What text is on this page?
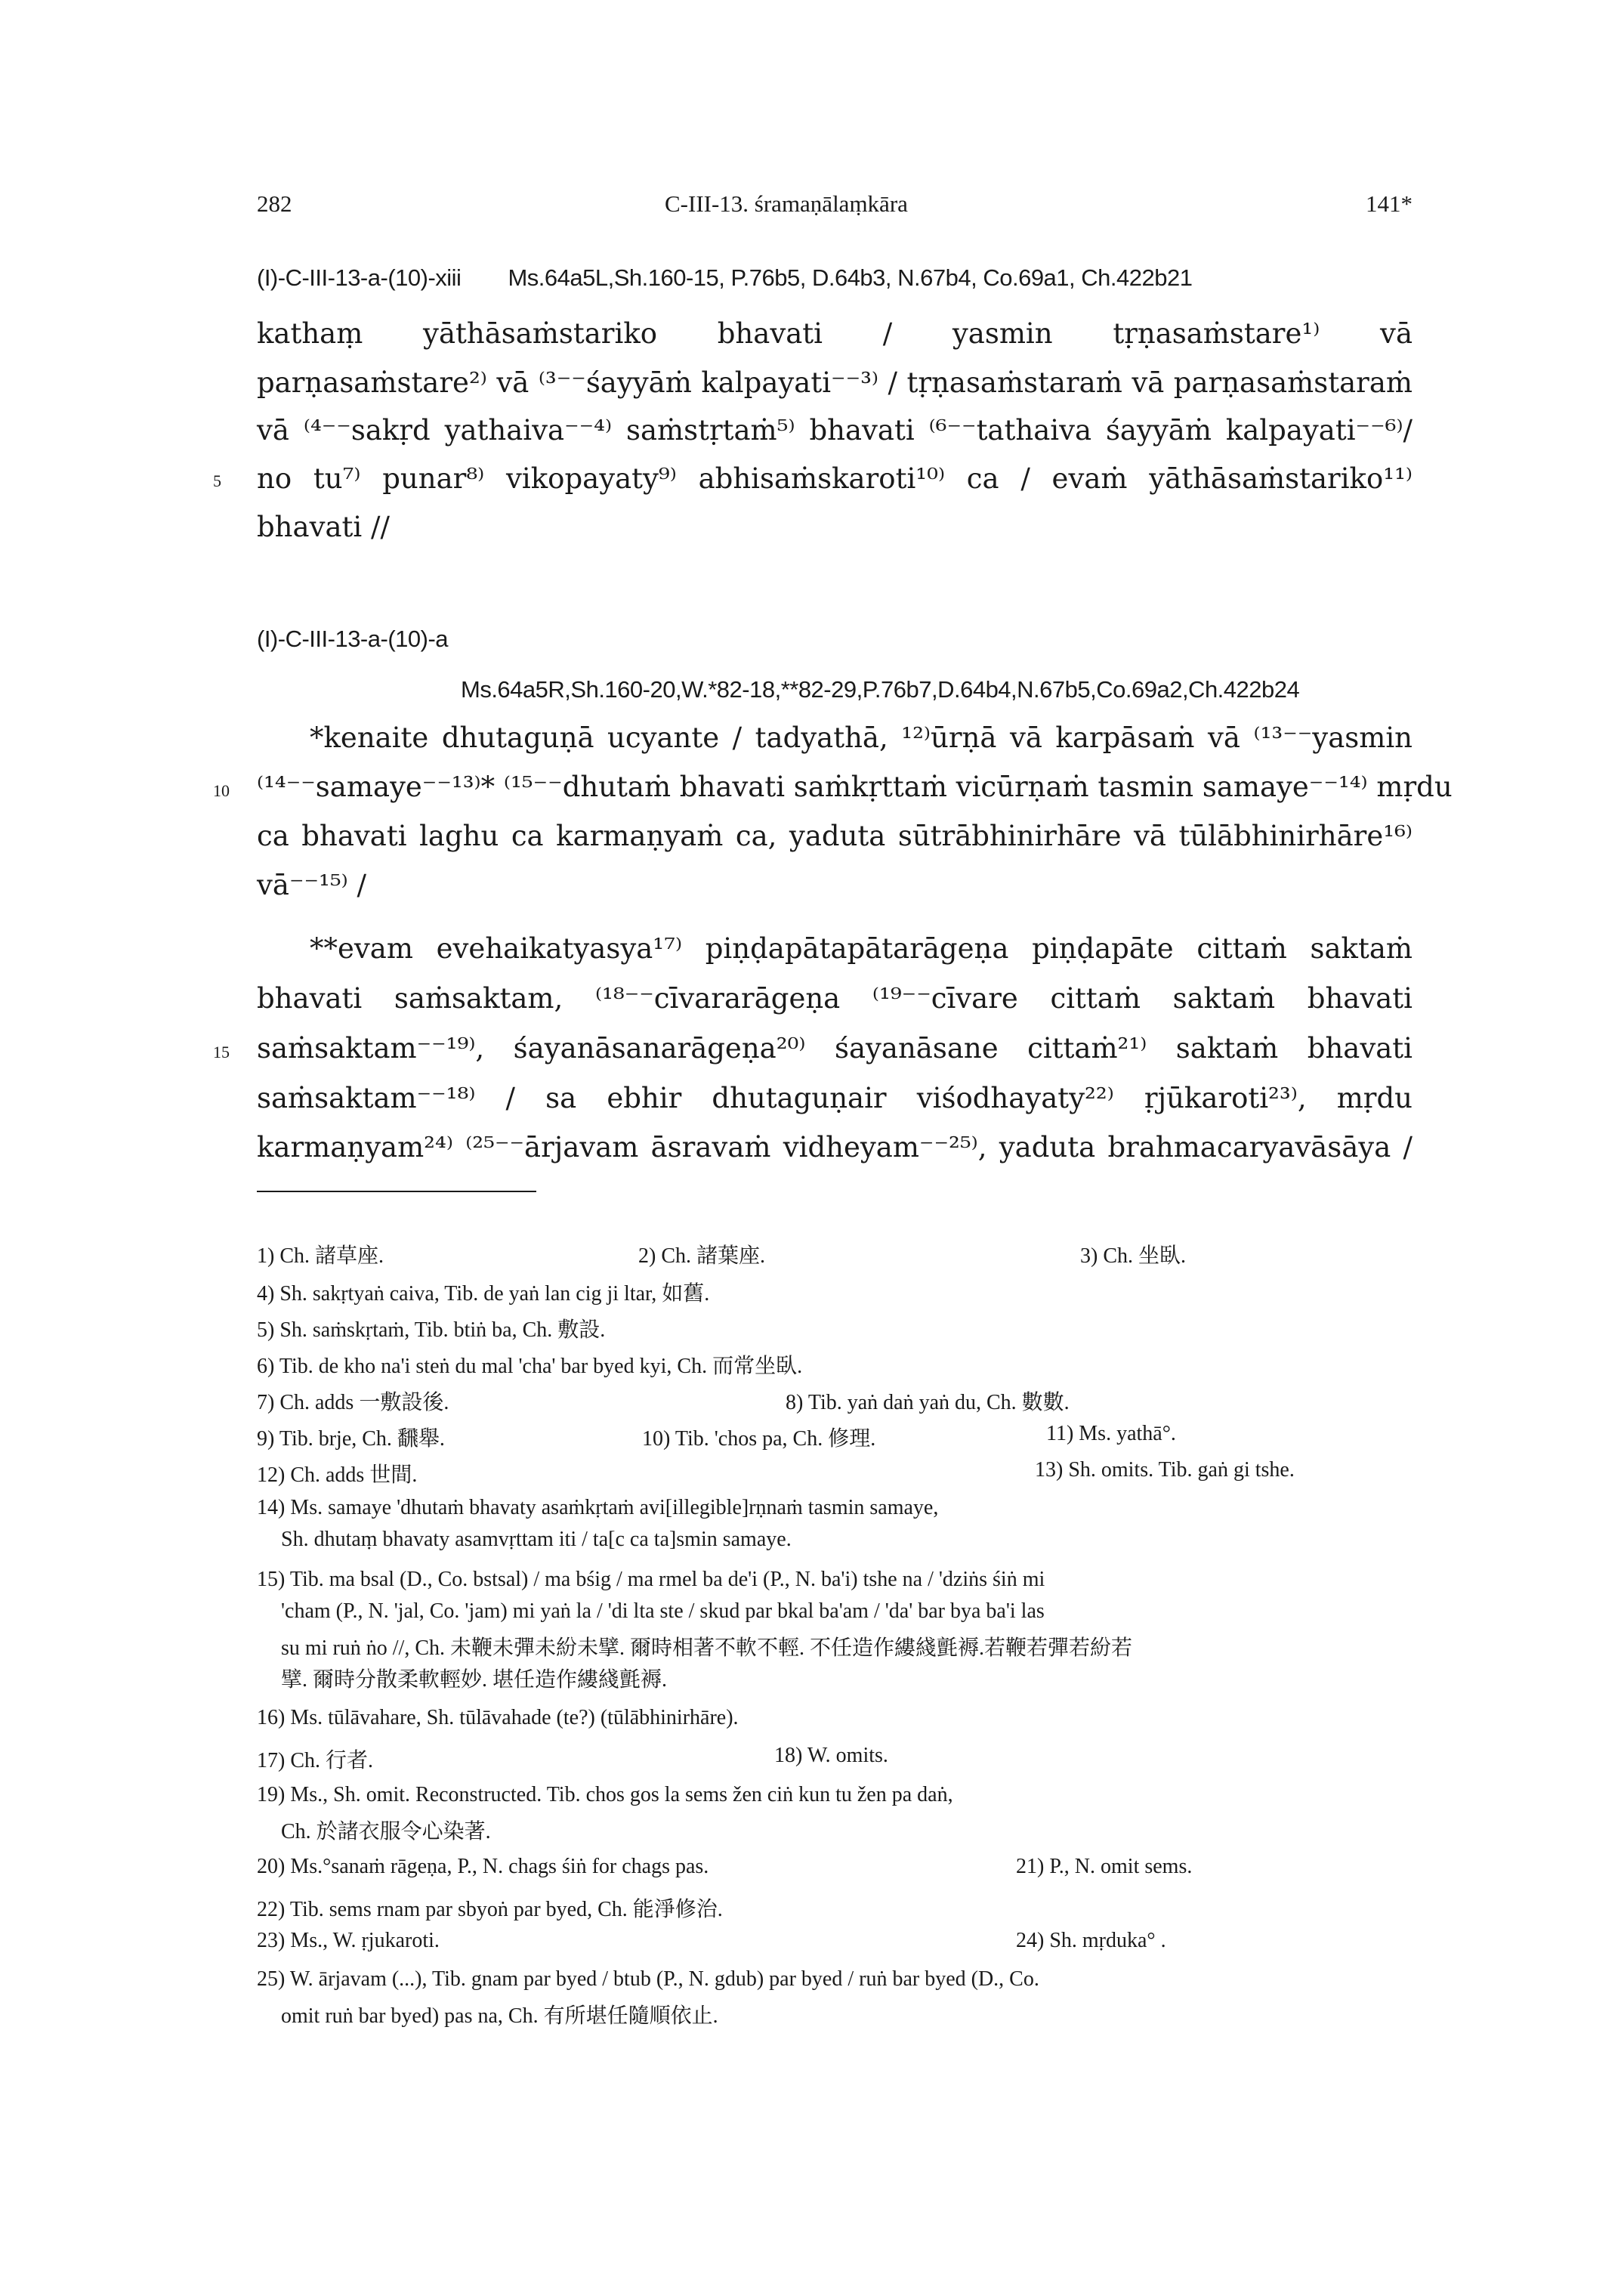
282	C-III-13. śramaṇālaṃkāra	141*
(I)-C-III-13-a-(10)-xiii Ms.64a5L,Sh.160-15, P.76b5, D.64b3, N.67b4, Co.69a1, Ch.422b21
kathaṃ yāthāsaṁstariko bhavati / yasmin tṛṇasaṁstare¹⁾ vā
parṇasaṁstare²⁾ vā ⁽³⁻⁻śayyāṁ kalpayati⁻⁻³⁾ / tṛṇasaṁstaraṁ vā parṇasaṁstaraṁ
vā ⁽⁴⁻⁻sakṛd yathaiva⁻⁻⁴⁾ saṁstṛtaṁ⁵⁾ bhavati ⁽⁶⁻⁻tathaiva śayyāṁ kalpayati⁻⁻⁶⁾/
5 no tu⁷⁾ punar⁸⁾ vikopayaty⁹⁾ abhisaṁskaroti¹⁰⁾ ca / evaṁ yāthāsaṁstariko¹¹⁾
bhavati //
(I)-C-III-13-a-(10)-a
Ms.64a5R,Sh.160-20,W.*82-18,**82-29,P.76b7,D.64b4,N.67b5,Co.69a2,Ch.422b24
*kenaite dhutaguṇā ucyante / tadyathā, ¹²⁾ūrṇā vā karpāsaṁ vā ⁽¹³⁻⁻yasmin
10 ⁽¹⁴⁻⁻samaye⁻⁻¹³⁾* ⁽¹⁵⁻⁻dhutaṁ bhavati saṁkṛttaṁ vicūrṇaṁ tasmin samaye⁻⁻¹⁴⁾ mṛdu
ca bhavati laghu ca karmaṇyaṁ ca, yaduta sūtrābhinirhāre vā tūlābhinirhāre¹⁶⁾
vā⁻⁻¹⁵⁾ /
**evam evehaikatyasya¹⁷⁾ piṇḍapātapātarāgeṇa piṇḍapāte cittaṁ saktaṁ
bhavati saṁsaktam, ⁽¹⁸⁻⁻cīvararāgeṇa ⁽¹⁹⁻⁻cīvare cittaṁ saktaṁ bhavati
15 saṁsaktam⁻⁻¹⁹⁾, śayanāsanarāgeṇa²⁰⁾ śayanāsane cittaṁ²¹⁾ saktaṁ bhavati
saṁsaktam⁻⁻¹⁸⁾ / sa ebhir dhutaguṇair viśodhayaty²²⁾ ṛjūkaroti²³⁾, mṛdu
karmaṇyam²⁴⁾ ⁽²⁵⁻⁻ārjavam āsravaṁ vidheyam⁻⁻²⁵⁾, yaduta brahmacaryavāsāya /
1) Ch. 諸草座.	2) Ch. 諸葉座.	3) Ch. 坐臥.
4) Sh. sakṛtyaṅ caiva, Tib. de yaṅ lan cig ji ltar, 如舊.
5) Sh. saṁskṛtaṁ, Tib. btiṅ ba, Ch. 敷設.
6) Tib. de kho na'i steṅ du mal 'cha' bar byed kyi, Ch. 而常坐臥.
7) Ch. adds 一敷設後.	8) Tib. yaṅ daṅ yaṅ du, Ch. 數數.
9) Tib. brje, Ch. 飜舉.	10) Tib. 'chos pa, Ch. 修理.	11) Ms. yathā°.
12) Ch. adds 世間.	13) Sh. omits. Tib. gaṅ gi tshe.
14) Ms. samaye 'dhutaṁ bhavaty asaṁkṛtaṁ avi[illegible]rṇnaṁ tasmin samaye,
Sh. dhutaṃ bhavaty asamvṛttam iti / ta[c ca ta]smin samaye.
15) Tib. ma bsal (D., Co. bstsal) / ma bśig / ma rmel ba de'i (P., N. ba'i) tshe na / 'dziṅs śiṅ mi
'cham (P., N. 'jal, Co. 'jam) mi yaṅ la / 'di lta ste / skud par bkal ba'am / 'da' bar bya ba'i las
su mi ruṅ ṅo //, Ch. 未鞭未彈未紛未擘. 爾時相著不軟不輕. 不任造作縷綫氈褥.若鞭若彈若紛若
擘. 爾時分散柔軟輕妙. 堪任造作縷綫氈褥.
16) Ms. tūlāvahare, Sh. tūlāvahade (te?) (tūlābhinirhāre).
17) Ch. 行者.	18) W. omits.
19) Ms., Sh. omit. Reconstructed. Tib. chos gos la sems žen ciṅ kun tu žen pa daṅ,
Ch. 於諸衣服令心染著.
20) Ms.°sanaṁ rāgeṇa, P., N. chags śiṅ for chags pas.	21) P., N. omit sems.
22) Tib. sems rnam par sbyoṅ par byed, Ch. 能淨修治.
23) Ms., W. ṛjukaroti.	24) Sh. mṛduka° .
25) W. ārjavam (...), Tib. gnam par byed / btub (P., N. gdub) par byed / ruṅ bar byed (D., Co.
omit ruṅ bar byed) pas na, Ch. 有所堪任隨順依止.
